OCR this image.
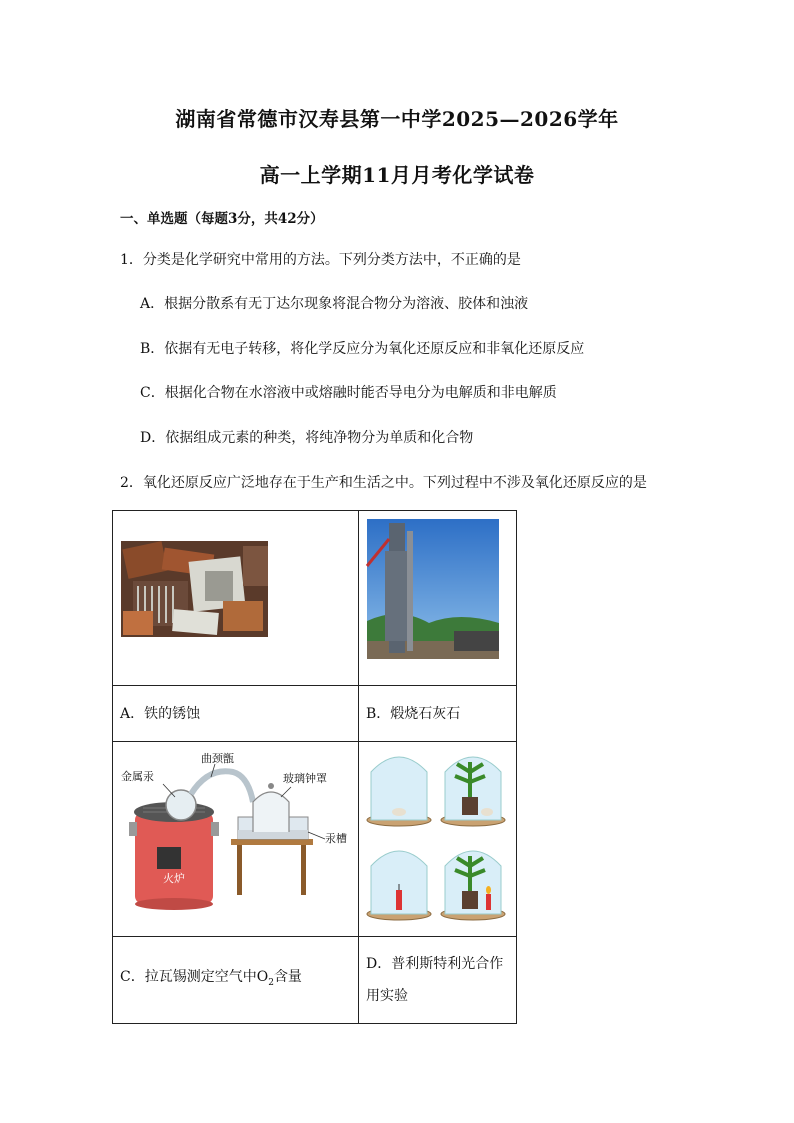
湖南省常德市汉寿县第一中学2025—2026学年
高一上学期11月月考化学试卷
一、单选题（每题3分，共42分）
1．分类是化学研究中常用的方法。下列分类方法中，不正确的是
A．根据分散系有无丁达尔现象将混合物分为溶液、胶体和浊液
B．依据有无电子转移，将化学反应分为氧化还原反应和非氧化还原反应
C．根据化合物在水溶液中或熔融时能否导电分为电解质和非电解质
D．依据组成元素的种类，将纯净物分为单质和化合物
2．氧化还原反应广泛地存在于生产和生活之中。下列过程中不涉及氧化还原反应的是

A．铁的锈蚀	B．煅烧石灰石

金属汞
曲颈甑
玻璃钟罩
汞槽
火炉

C．拉瓦锡测定空气中$O_2$含量	D．普利斯特利光合作
用实验
